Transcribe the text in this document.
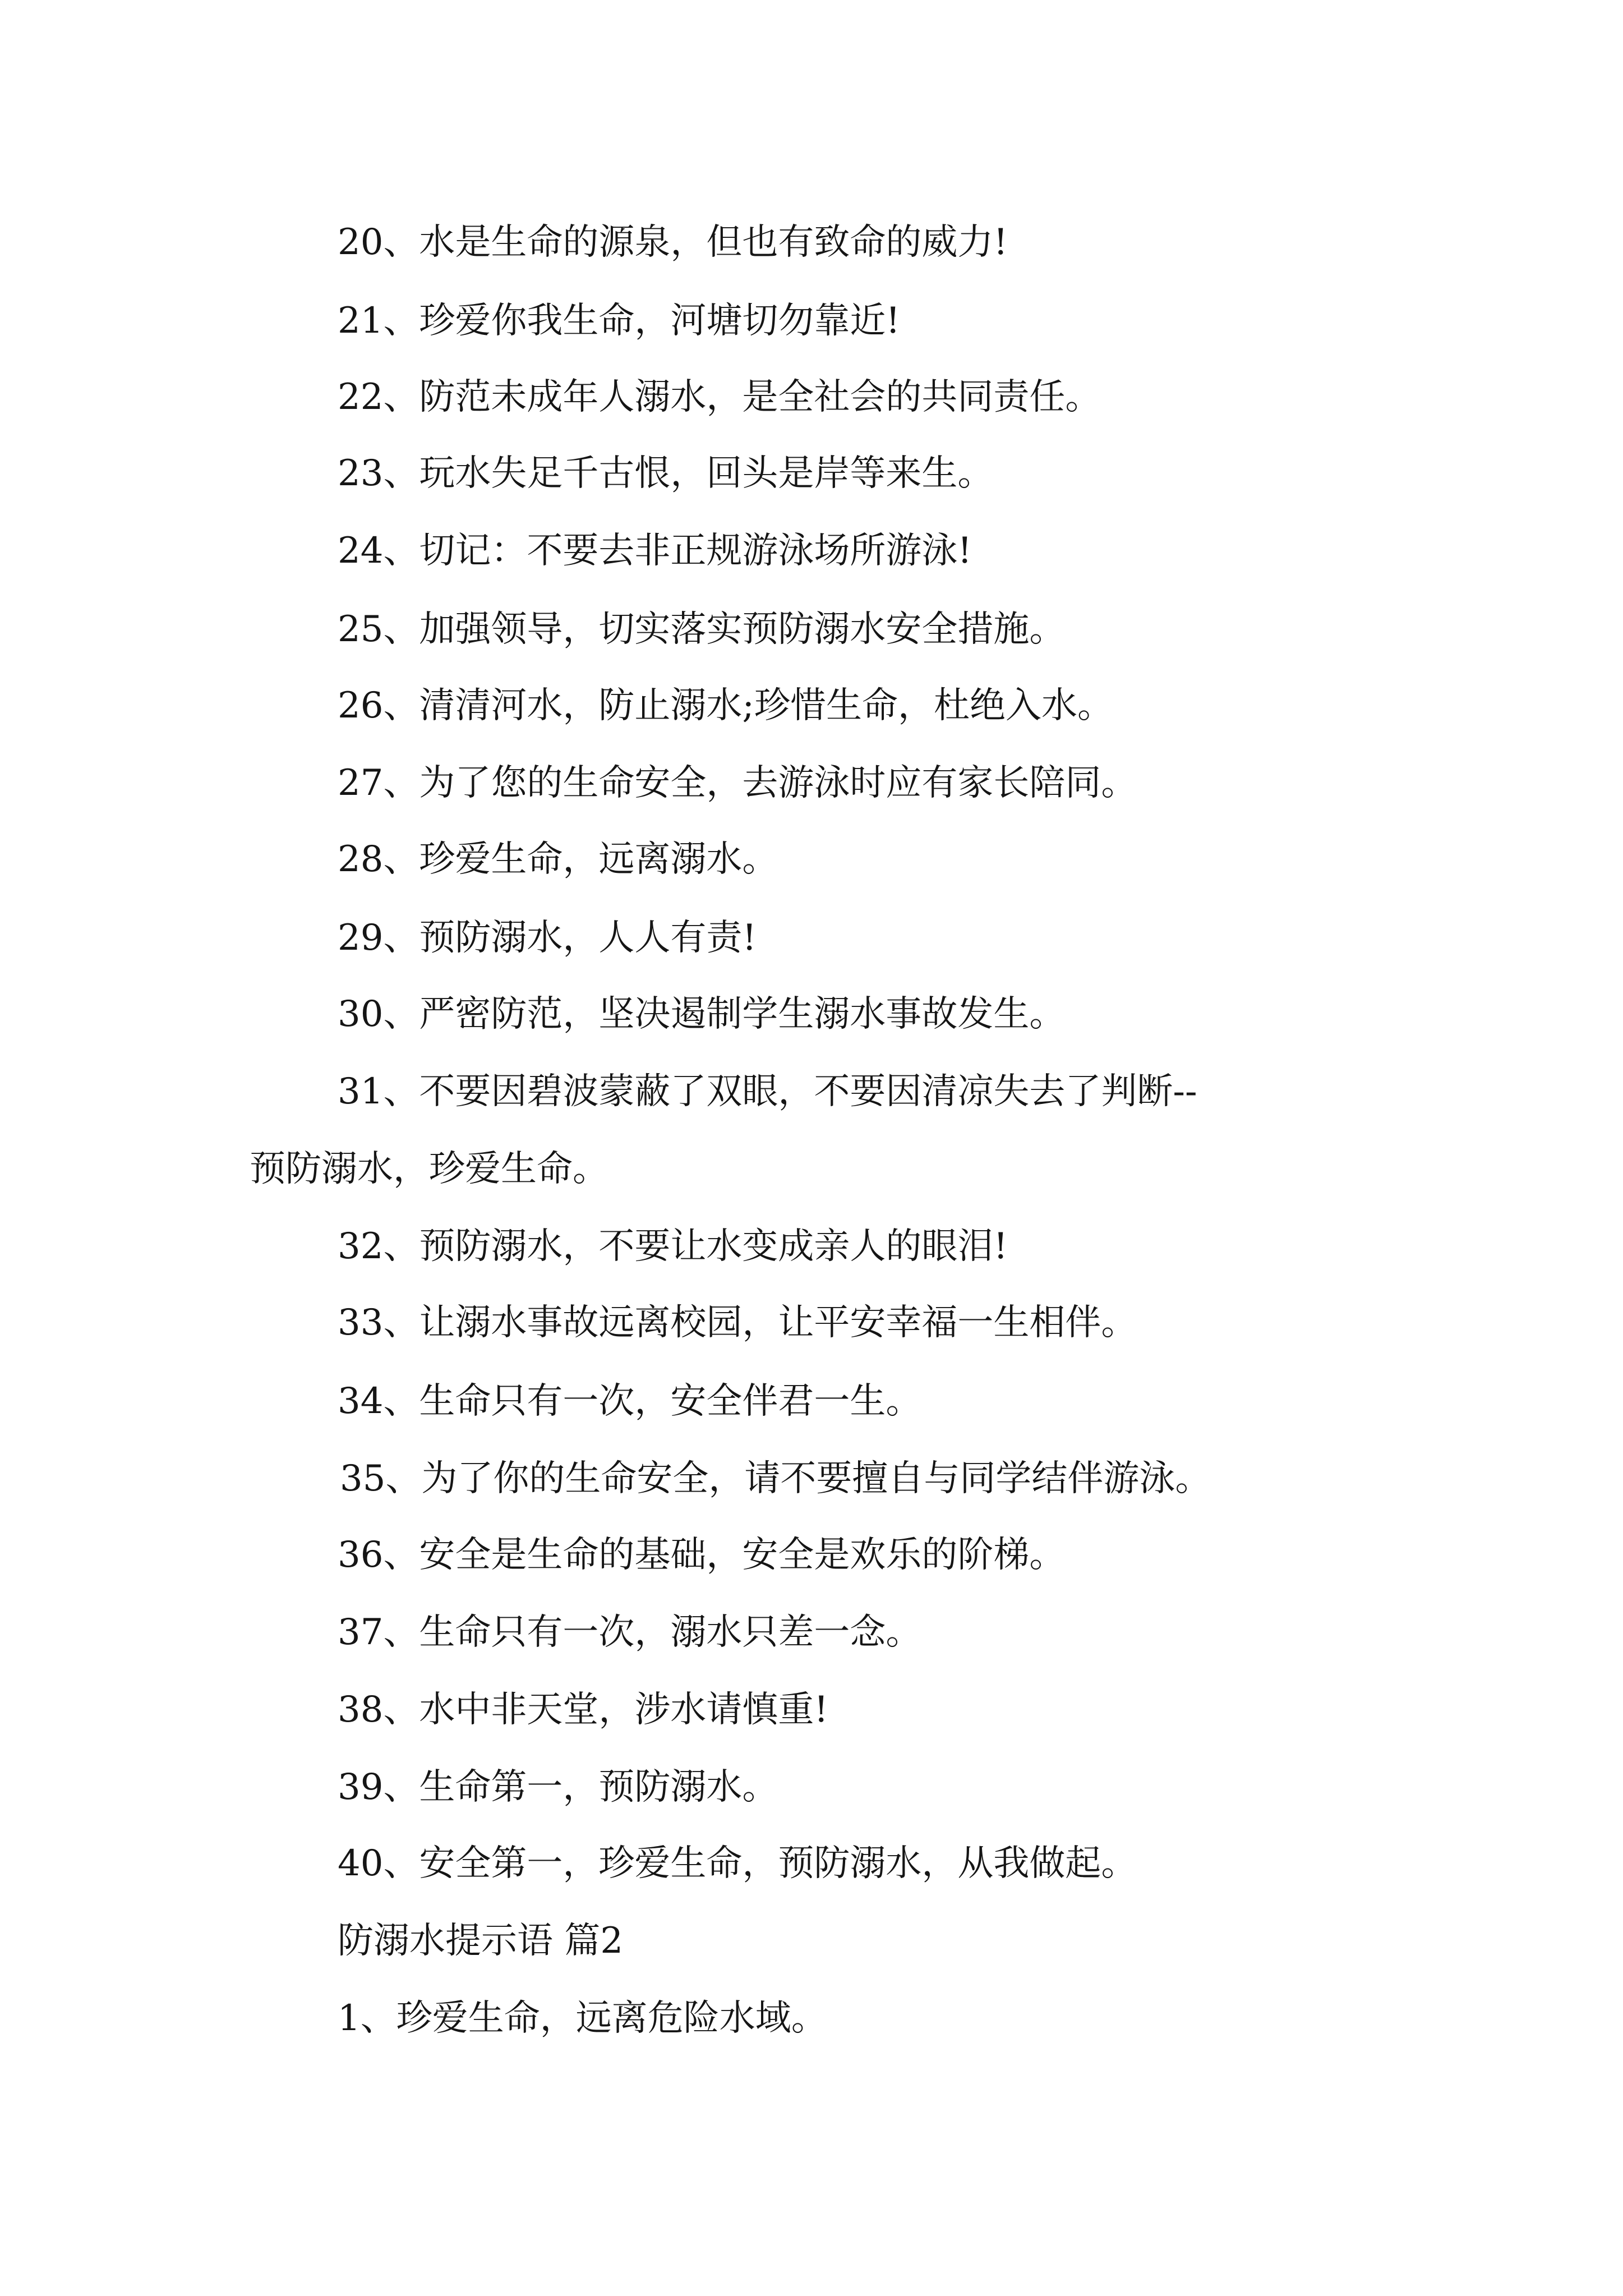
20、水是生命的源泉，但也有致命的威力!
21、珍爱你我生命，河塘切勿靠近!
22、防范未成年人溺水，是全社会的共同责任。
23、玩水失足千古恨，回头是岸等来生。
24、切记：不要去非正规游泳场所游泳!
25、加强领导，切实落实预防溺水安全措施。
26、清清河水，防止溺水;珍惜生命，杜绝入水。
27、为了您的生命安全，去游泳时应有家长陪同。
28、珍爱生命，远离溺水。
29、预防溺水，人人有责!
30、严密防范，坚决遏制学生溺水事故发生。
31、不要因碧波蒙蔽了双眼，不要因清凉失去了判断--
预防溺水，珍爱生命。
32、预防溺水，不要让水变成亲人的眼泪!
33、让溺水事故远离校园，让平安幸福一生相伴。
34、生命只有一次，安全伴君一生。
35、为了你的生命安全，请不要擅自与同学结伴游泳。
36、安全是生命的基础，安全是欢乐的阶梯。
37、生命只有一次，溺水只差一念。
38、水中非天堂，涉水请慎重!
39、生命第一，预防溺水。
40、安全第一，珍爱生命，预防溺水，从我做起。
防溺水提示语 篇2
1、珍爱生命，远离危险水域。
